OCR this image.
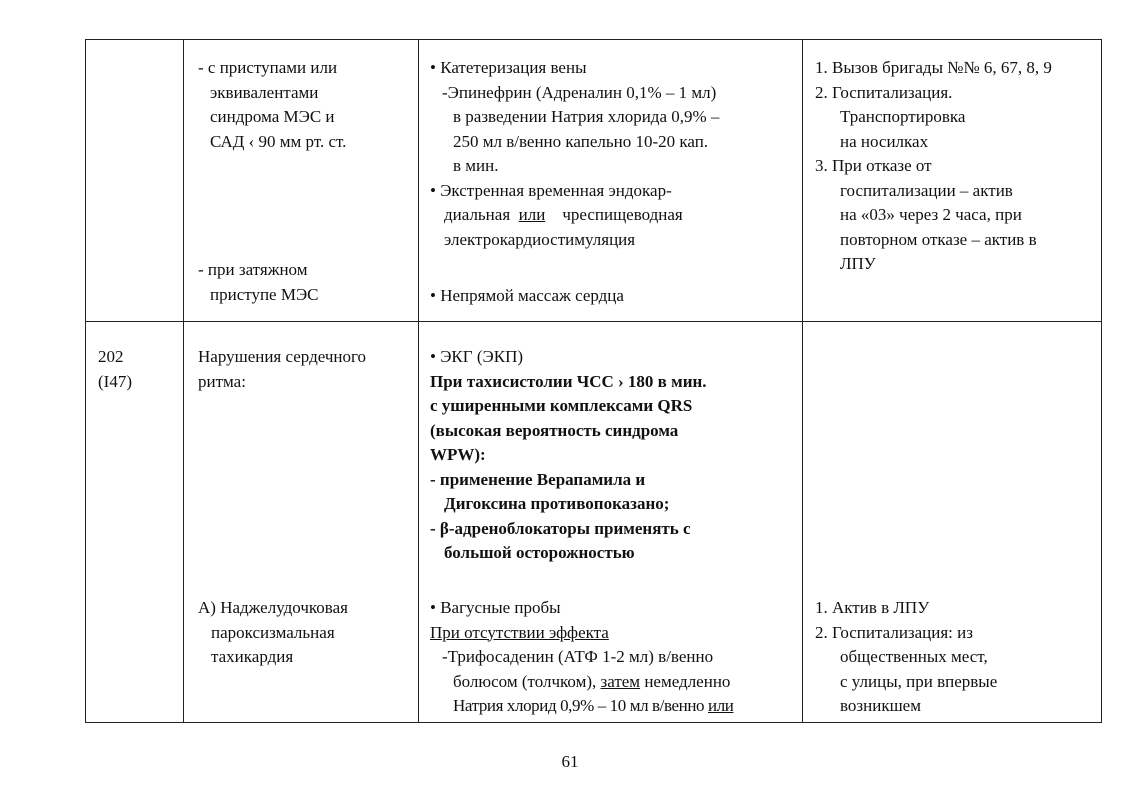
- с приступами или
эквивалентами
синдрома МЭС и
САД ‹ 90 мм рт. ст.
- при затяжном
приступе МЭС
• Катетеризация вены
-Эпинефрин (Адреналин 0,1% – 1 мл)
в разведении Натрия хлорида 0,9% –
250 мл в/венно капельно 10-20 кап.
в мин.
• Экстренная временная эндокар-
диальная  или    чреспищеводная
электрокардиостимуляция
• Непрямой массаж сердца
1. Вызов бригады №№ 6, 67, 8, 9
2. Госпитализация.
Транспортировка
на носилках
3. При отказе от
госпитализации – актив
на «03» через 2 часа, при
повторном отказе – актив в
ЛПУ
202
(I47)
Нарушения сердечного
ритма:
А) Наджелудочковая
пароксизмальная
тахикардия
• ЭКГ (ЭКП)
При тахисистолии ЧСС › 180 в мин.
с уширенными комплексами QRS
(высокая вероятность синдрома
WPW):
- применение Верапамила и
Дигоксина противопоказано;
- β-адреноблокаторы применять с
большой осторожностью
• Вагусные пробы
При отсутствии эффекта
-Трифосаденин (АТФ 1-2 мл) в/венно
болюсом (толчком), затем немедленно
Натрия хлорид 0,9% – 10 мл в/венно или
1. Актив в ЛПУ
2. Госпитализация: из
общественных мест,
с улицы, при впервые
возникшем
61
